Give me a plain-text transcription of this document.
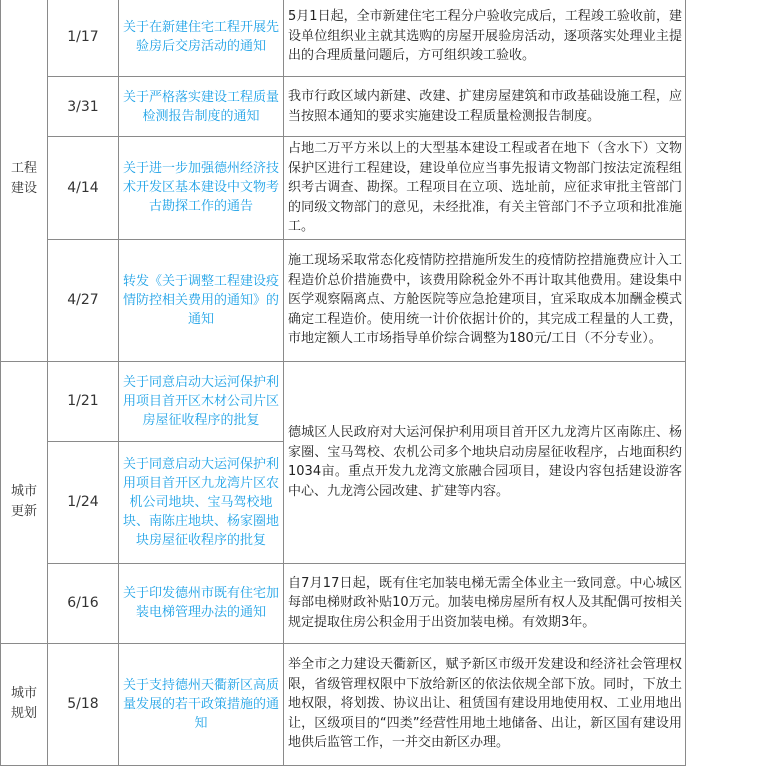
工程建设	1/17	关于在新建住宅工程开展先验房后交房活动的通知	5月1日起，全市新建住宅工程分户验收完成后，工程竣工验收前，建设单位组织业主就其选购的房屋开展验房活动，逐项落实处理业主提出的合理质量问题后，方可组织竣工验收。
	3/31	关于严格落实建设工程质量检测报告制度的通知	我市行政区域内新建、改建、扩建房屋建筑和市政基础设施工程，应当按照本通知的要求实施建设工程质量检测报告制度。
	4/14	关于进一步加强德州经济技术开发区基本建设中文物考古勘探工作的通告	占地二万平方米以上的大型基本建设工程或者在地下（含水下）文物保护区进行工程建设，建设单位应当事先报请文物部门按法定流程组织考古调查、勘探。工程项目在立项、选址前，应征求审批主管部门的同级文物部门的意见，未经批准，有关主管部门不予立项和批准施工。
	4/27	转发《关于调整工程建设疫情防控相关费用的通知》的通知	施工现场采取常态化疫情防控措施所发生的疫情防控措施费应计入工程造价总价措施费中，该费用除税金外不再计取其他费用。建设集中医学观察隔离点、方舱医院等应急抢建项目，宜采取成本加酬金模式确定工程造价。使用统一计价依据计价的，其完成工程量的人工费，市地定额人工市场指导单价综合调整为180元/工日（不分专业）。
城市更新	1/21	关于同意启动大运河保护利用项目首开区木材公司片区房屋征收程序的批复	德城区人民政府对大运河保护利用项目首开区九龙湾片区南陈庄、杨家圈、宝马驾校、农机公司多个地块启动房屋征收程序，占地面积约1034亩。重点开发九龙湾文旅融合园项目，建设内容包括建设游客中心、九龙湾公园改建、扩建等内容。
	1/24	关于同意启动大运河保护利用项目首开区九龙湾片区农机公司地块、宝马驾校地块、南陈庄地块、杨家圈地块房屋征收程序的批复	
	6/16	关于印发德州市既有住宅加装电梯管理办法的通知	自7月17日起，既有住宅加装电梯无需全体业主一致同意。中心城区每部电梯财政补贴10万元。加装电梯房屋所有权人及其配偶可按相关规定提取住房公积金用于出资加装电梯。有效期3年。
城市规划	5/18	关于支持德州天衢新区高质量发展的若干政策措施的通知	举全市之力建设天衢新区，赋予新区市级开发建设和经济社会管理权限，省级管理权限中下放给新区的依法依规全部下放。同时，下放土地权限，将划拨、协议出让、租赁国有建设用地使用权、工业用地出让，区级项目的“四类”经营性用地土地储备、出让，新区国有建设用地供后监管工作，一并交由新区办理。
